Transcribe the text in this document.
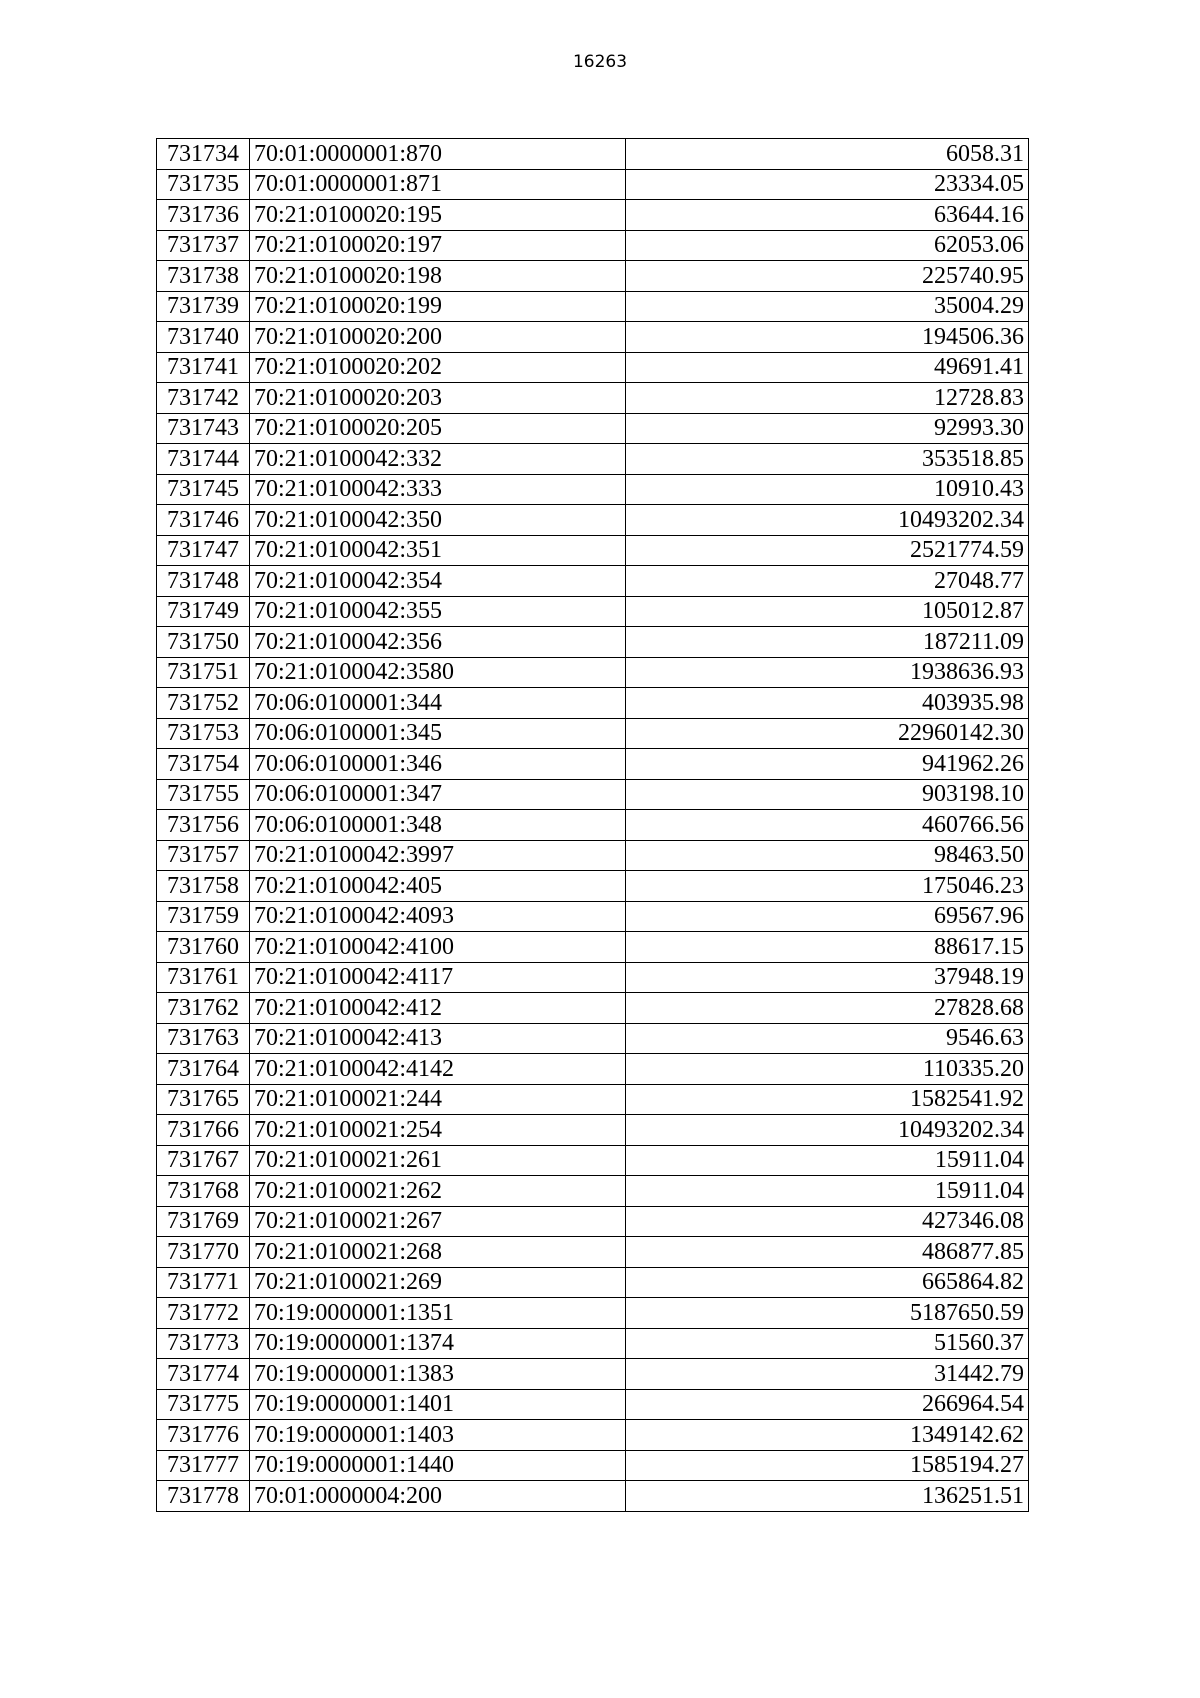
16263
731734	70:01:0000001:870	6058.31
731735	70:01:0000001:871	23334.05
731736	70:21:0100020:195	63644.16
731737	70:21:0100020:197	62053.06
731738	70:21:0100020:198	225740.95
731739	70:21:0100020:199	35004.29
731740	70:21:0100020:200	194506.36
731741	70:21:0100020:202	49691.41
731742	70:21:0100020:203	12728.83
731743	70:21:0100020:205	92993.30
731744	70:21:0100042:332	353518.85
731745	70:21:0100042:333	10910.43
731746	70:21:0100042:350	10493202.34
731747	70:21:0100042:351	2521774.59
731748	70:21:0100042:354	27048.77
731749	70:21:0100042:355	105012.87
731750	70:21:0100042:356	187211.09
731751	70:21:0100042:3580	1938636.93
731752	70:06:0100001:344	403935.98
731753	70:06:0100001:345	22960142.30
731754	70:06:0100001:346	941962.26
731755	70:06:0100001:347	903198.10
731756	70:06:0100001:348	460766.56
731757	70:21:0100042:3997	98463.50
731758	70:21:0100042:405	175046.23
731759	70:21:0100042:4093	69567.96
731760	70:21:0100042:4100	88617.15
731761	70:21:0100042:4117	37948.19
731762	70:21:0100042:412	27828.68
731763	70:21:0100042:413	9546.63
731764	70:21:0100042:4142	110335.20
731765	70:21:0100021:244	1582541.92
731766	70:21:0100021:254	10493202.34
731767	70:21:0100021:261	15911.04
731768	70:21:0100021:262	15911.04
731769	70:21:0100021:267	427346.08
731770	70:21:0100021:268	486877.85
731771	70:21:0100021:269	665864.82
731772	70:19:0000001:1351	5187650.59
731773	70:19:0000001:1374	51560.37
731774	70:19:0000001:1383	31442.79
731775	70:19:0000001:1401	266964.54
731776	70:19:0000001:1403	1349142.62
731777	70:19:0000001:1440	1585194.27
731778	70:01:0000004:200	136251.51
